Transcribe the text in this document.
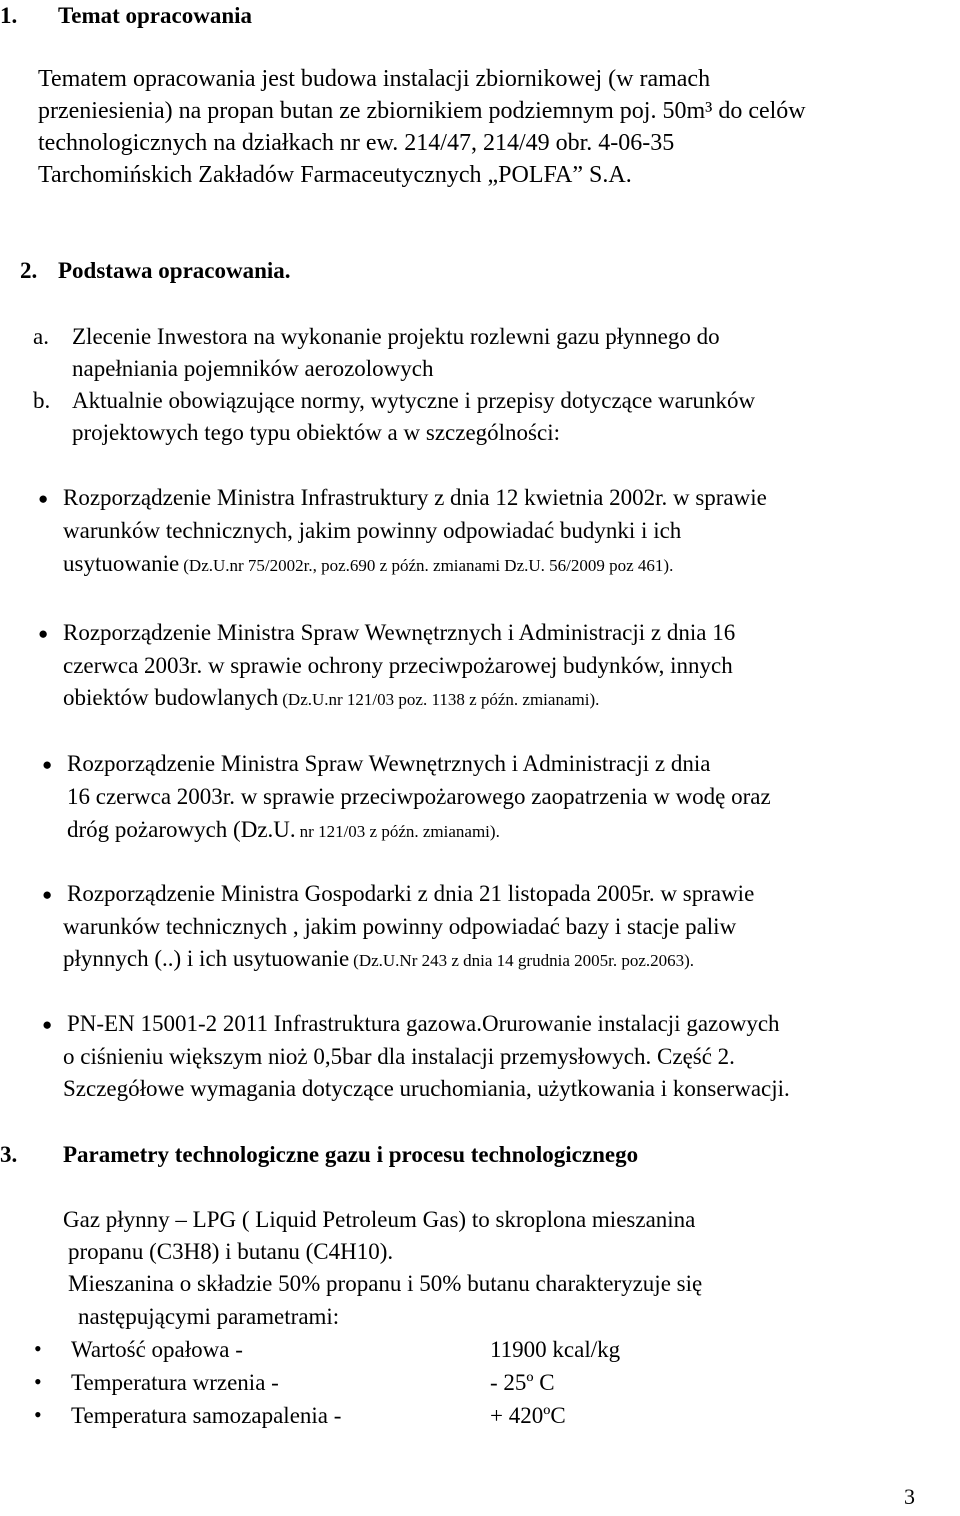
1. Temat opracowania
Tematem opracowania jest budowa instalacji zbiornikowej (w ramach
przeniesienia) na propan butan ze zbiornikiem podziemnym poj. 50m³ do celów
technologicznych na działkach nr ew. 214/47, 214/49 obr. 4-06-35
Tarchomińskich Zakładów Farmaceutycznych „POLFA” S.A.
2. Podstawa opracowania.
a. Zlecenie Inwestora na wykonanie projektu rozlewni gazu płynnego do
napełniania pojemników aerozolowych
b. Aktualnie obowiązujące normy, wytyczne i przepisy dotyczące warunków
projektowych tego typu obiektów a w szczególności:
● Rozporządzenie Ministra Infrastruktury z dnia 12 kwietnia 2002r. w sprawie
warunków technicznych, jakim powinny odpowiadać budynki i ich
usytuowanie (Dz.U.nr 75/2002r., poz.690 z późn. zmianami Dz.U. 56/2009 poz 461).
● Rozporządzenie Ministra Spraw Wewnętrznych i Administracji z dnia 16
czerwca 2003r. w sprawie ochrony przeciwpożarowej budynków, innych
obiektów budowlanych (Dz.U.nr 121/03 poz. 1138 z późn. zmianami).
● Rozporządzenie Ministra Spraw Wewnętrznych i Administracji z dnia
16 czerwca 2003r. w sprawie przeciwpożarowego zaopatrzenia w wodę oraz
dróg pożarowych (Dz.U. nr 121/03 z późn. zmianami).
● Rozporządzenie Ministra Gospodarki z dnia 21 listopada 2005r. w sprawie
warunków technicznych , jakim powinny odpowiadać bazy i stacje paliw
płynnych (..) i ich usytuowanie (Dz.U.Nr 243 z dnia 14 grudnia 2005r. poz.2063).
● PN-EN 15001-2 2011 Infrastruktura gazowa.Orurowanie instalacji gazowych
o ciśnieniu większym nioż 0,5bar dla instalacji przemysłowych. Część 2.
Szczegółowe wymagania dotyczące uruchomiania, użytkowania i konserwacji.
3. Parametry technologiczne gazu i procesu technologicznego
Gaz płynny – LPG ( Liquid Petroleum Gas) to skroplona mieszanina
propanu (C3H8) i butanu (C4H10).
Mieszanina o składzie 50% propanu i 50% butanu charakteryzuje się
następującymi parametrami:
• Wartość opałowa -	11900 kcal/kg
• Temperatura wrzenia -	- 25º C
• Temperatura samozapalenia -	+ 420ºC
3
